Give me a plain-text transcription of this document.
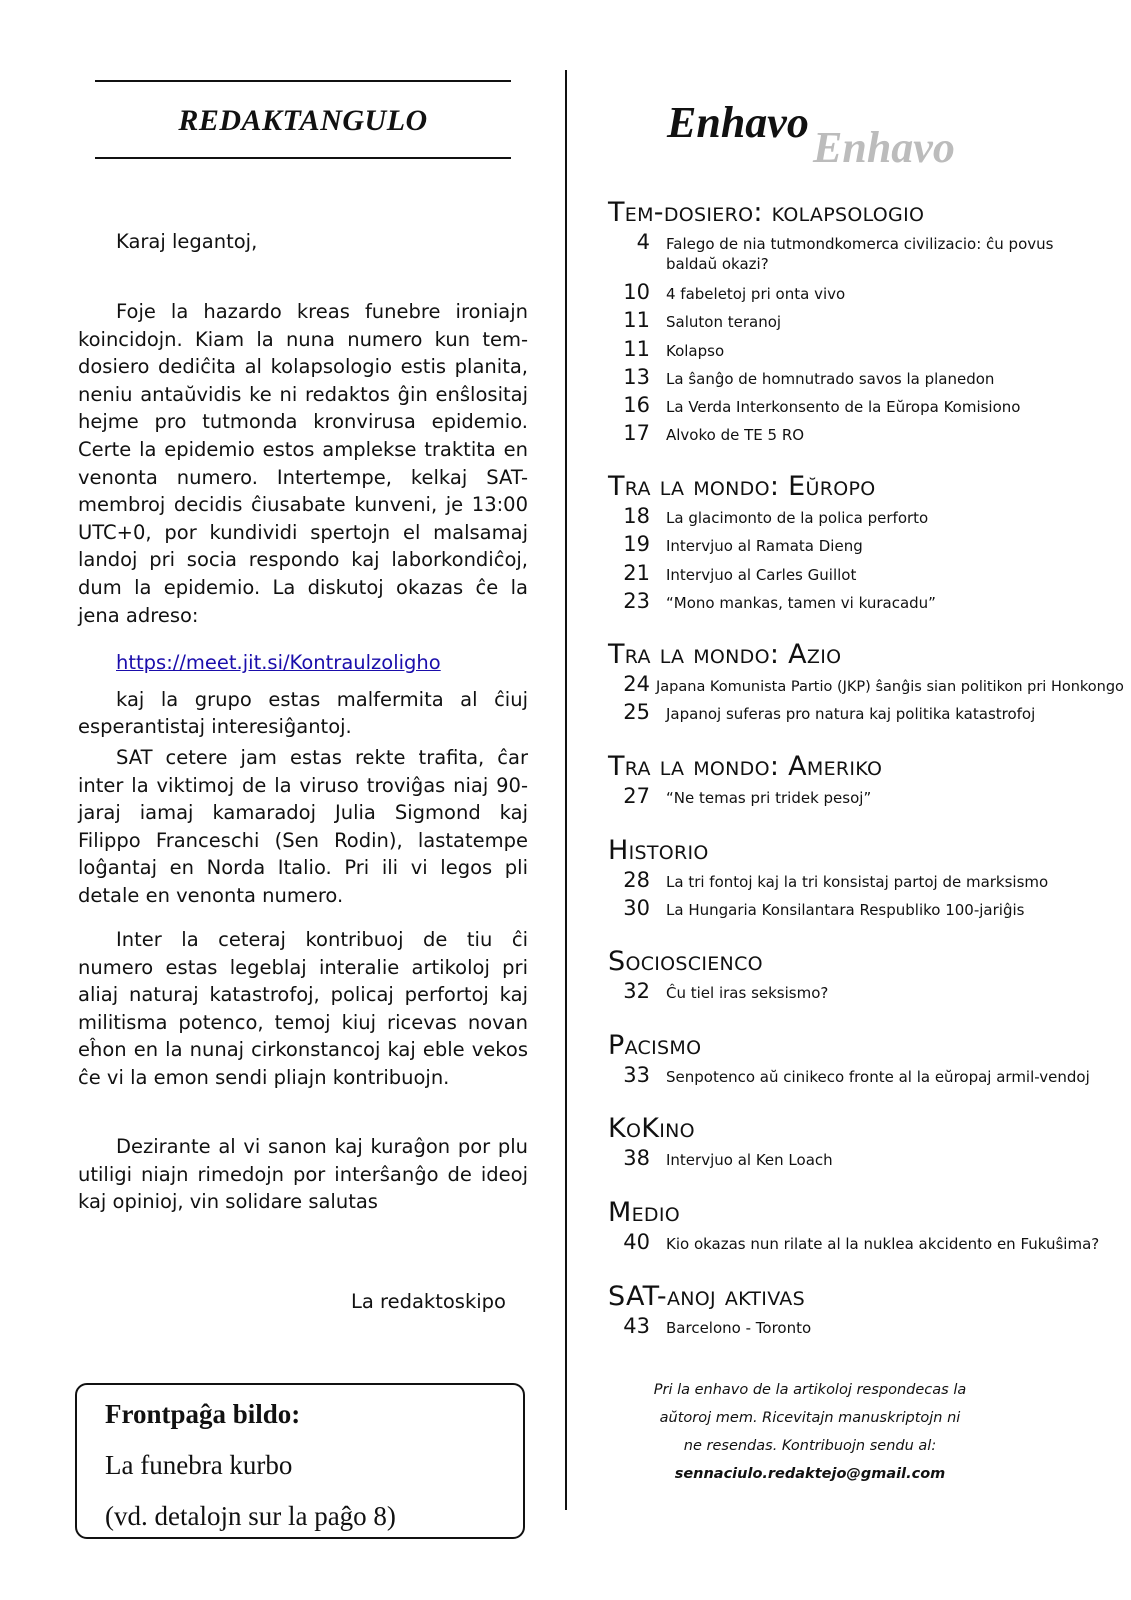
REDAKTANGULO

Karaj legantoj,

Foje la hazardo kreas funebre ironiajn koincidojn. Kiam la nuna numero kun tem-dosiero dediĉita al kolapsologio estis planita, neniu antaŭvidis ke ni redaktos ĝin enŝlositaj hejme pro tutmonda kronvirusa epidemio. Certe la epidemio estos amplekse traktita en venonta numero. Intertempe, kelkaj SAT-membroj decidis ĉiusabate kunveni, je 13:00 UTC+0, por kundividi spertojn el malsamaj landoj pri socia respondo kaj laborkondiĉoj, dum la epidemio. La diskutoj okazas ĉe la jena adreso:

https://meet.jit.si/Kontraulzoligho

kaj la grupo estas malfermita al ĉiuj esperantistaj interesiĝantoj.

SAT cetere jam estas rekte trafita, ĉar inter la viktimoj de la viruso troviĝas niaj 90-jaraj iamaj kamaradoj Julia Sigmond kaj Filippo Franceschi (Sen Rodin), lastatempe loĝantaj en Norda Italio. Pri ili vi legos pli detale en venonta numero.

Inter la ceteraj kontribuoj de tiu ĉi numero estas legeblaj interalie artikoloj pri aliaj naturaj katastrofoj, policaj perfortoj kaj militisma potenco, temoj kiuj ricevas novan eĥon en la nunaj cirkonstancoj kaj eble vekos ĉe vi la emon sendi pliajn kontribuojn.

Dezirante al vi sanon kaj kuraĝon por plu utiligi niajn rimedojn por interŝanĝo de ideoj kaj opinioj, vin solidare salutas

La redaktoskipo
Frontpaĝa bildo:
La funebra kurbo
(vd. detalojn sur la paĝo 8)
Enhavo
Enhavo
Tem-dosiero: kolapsologio
4 Falego de nia tutmondkomerca civilizacio: ĉu povus baldaŭ okazi?
10 4 fabeletoj pri onta vivo
11 Saluton teranoj
11 Kolapso
13 La ŝanĝo de homnutrado savos la planedon
16 La Verda Interkonsento de la Eŭropa Komisiono
17 Alvoko de TE 5 RO
Tra la mondo: Eŭropo
18 La glacimonto de la polica perforto
19 Intervjuo al Ramata Dieng
21 Intervjuo al Carles Guillot
23 “Mono mankas, tamen vi kuracadu”
Tra la mondo: Azio
24 Japana Komunista Partio (JKP) ŝanĝis sian politikon pri Honkongo
25 Japanoj suferas pro natura kaj politika katastrofoj
Tra la mondo: Ameriko
27 “Ne temas pri tridek pesoj”
Historio
28 La tri fontoj kaj la tri konsistaj partoj de marksismo
30 La Hungaria Konsilantara Respubliko 100-jariĝis
Sociosciencо
32 Ĉu tiel iras seksismo?
Pacismo
33 Senpotenco aŭ cinikeco fronte al la eŭropaj armil-vendoj
KoKino
38 Intervjuo al Ken Loach
Medio
40 Kio okazas nun rilate al la nuklea akcidento en Fukuŝima?
SAT-anoj aktivas
43 Barcelono - Toronto
Pri la enhavo de la artikoloj respondecas la aŭtoroj mem. Ricevitajn manuskriptojn ni ne resendas. Kontribuojn sendu al:
sennaciulo.redaktejo@gmail.com
